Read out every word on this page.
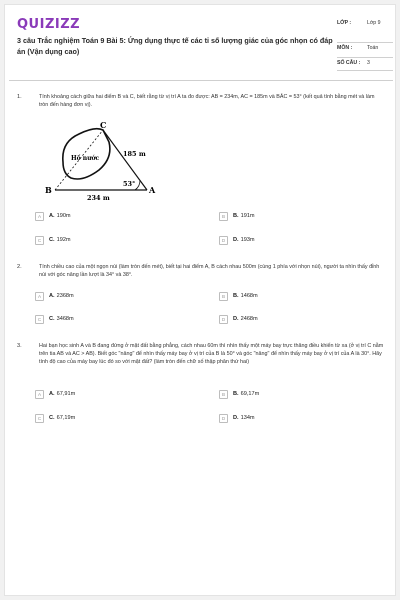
QUIZIZZ
3 câu Trắc nghiệm Toán 9 Bài 5: Ứng dụng thực tế các tỉ số lượng giác của góc nhọn có đáp án (Vận dụng cao)
LỚP :	Lớp 9
MÔN :	Toán
SỐ CÂU :	3
1.	Tính khoảng cách giữa hai điểm B và C, biết rằng từ vị trí A ta đo được: AB = 234m, AC = 185m và BÂC = 53° (kết quả tính bằng mét và làm tròn đến hàng đơn vị).
C
B	A
Hồ nước
185 m
234 m
53°
A	A. 190m	B	B. 191m
C	C. 192m	D	D. 193m
2.	Tính chiều cao của một ngọn núi (làm tròn đến mét), biết tại hai điểm A, B cách nhau 500m (cùng 1 phía với nhọn núi), người ta nhìn thấy đỉnh núi với góc nâng lần lượt là 34° và 38°.
A	A. 2368m	B	B. 1468m
C	C. 3468m	D	D. 2468m
3.	Hai bạn học sinh A và B đang đứng ở mặt đất bằng phẳng, cách nhau 60m thì nhìn thấy một máy bay trực thăng điều khiển từ xa (ở vị trí C nằm trên tia AB và AC > AB). Biết góc "nâng" để nhìn thấy máy bay ở vị trí của B là 50° và góc "nâng" để nhìn thấy máy bay ở vị trí của A là 30°. Hãy tính độ cao của máy bay lúc đó so với mặt đất? (làm tròn đến chữ số thập phân thứ hai)
A	A. 67,91m	B	B. 69,17m
C	C. 67,19m	D	D. 134m
